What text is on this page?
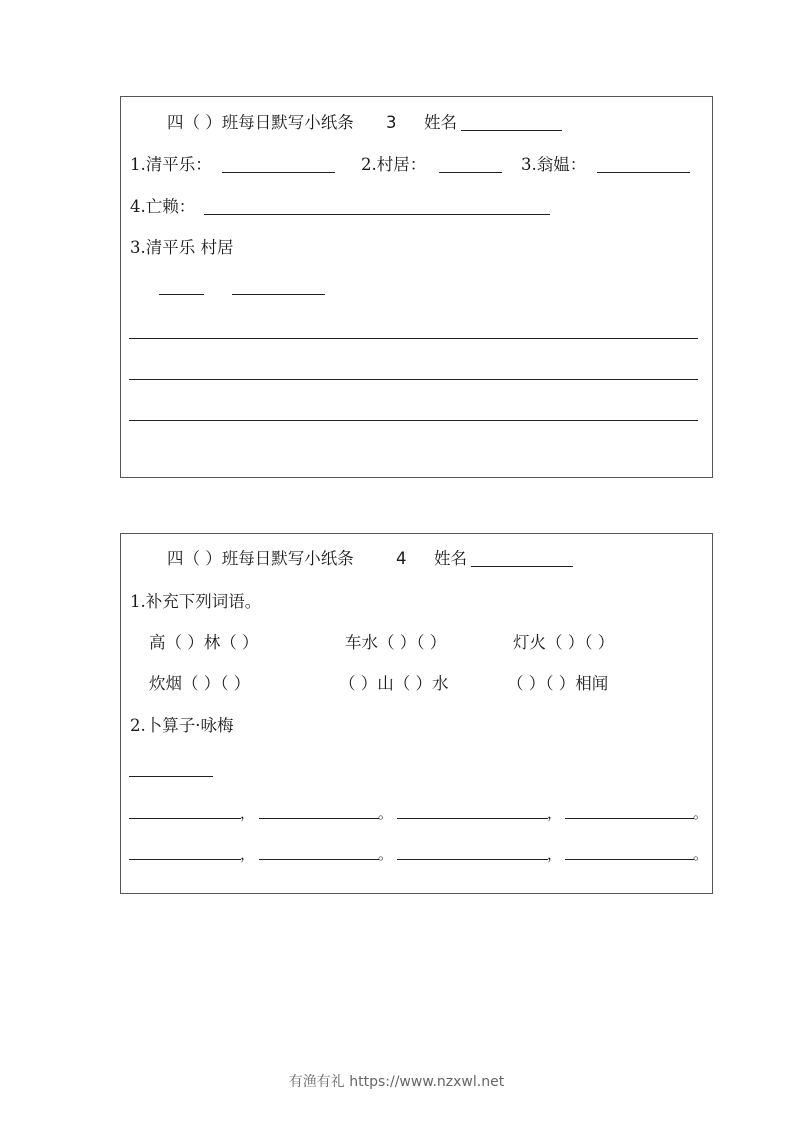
四（ ）班每日默写小纸条 3 姓名
1.清平乐：	2.村居：	3.翁媪：
4.亡赖：
3.清平乐 村居
四（ ）班每日默写小纸条	4 姓名
1.补充下列词语。
高（ ）林（ ）	车水（ ）（ ）	灯火（ ）（ ）
炊烟（ ）（ ）	（ ）山（ ）水	（ ）（ ）相闻
2.卜算子·咏梅
，	。	，	。
，	。	，	。
有渔有礼 https://www.nzxwl.net
